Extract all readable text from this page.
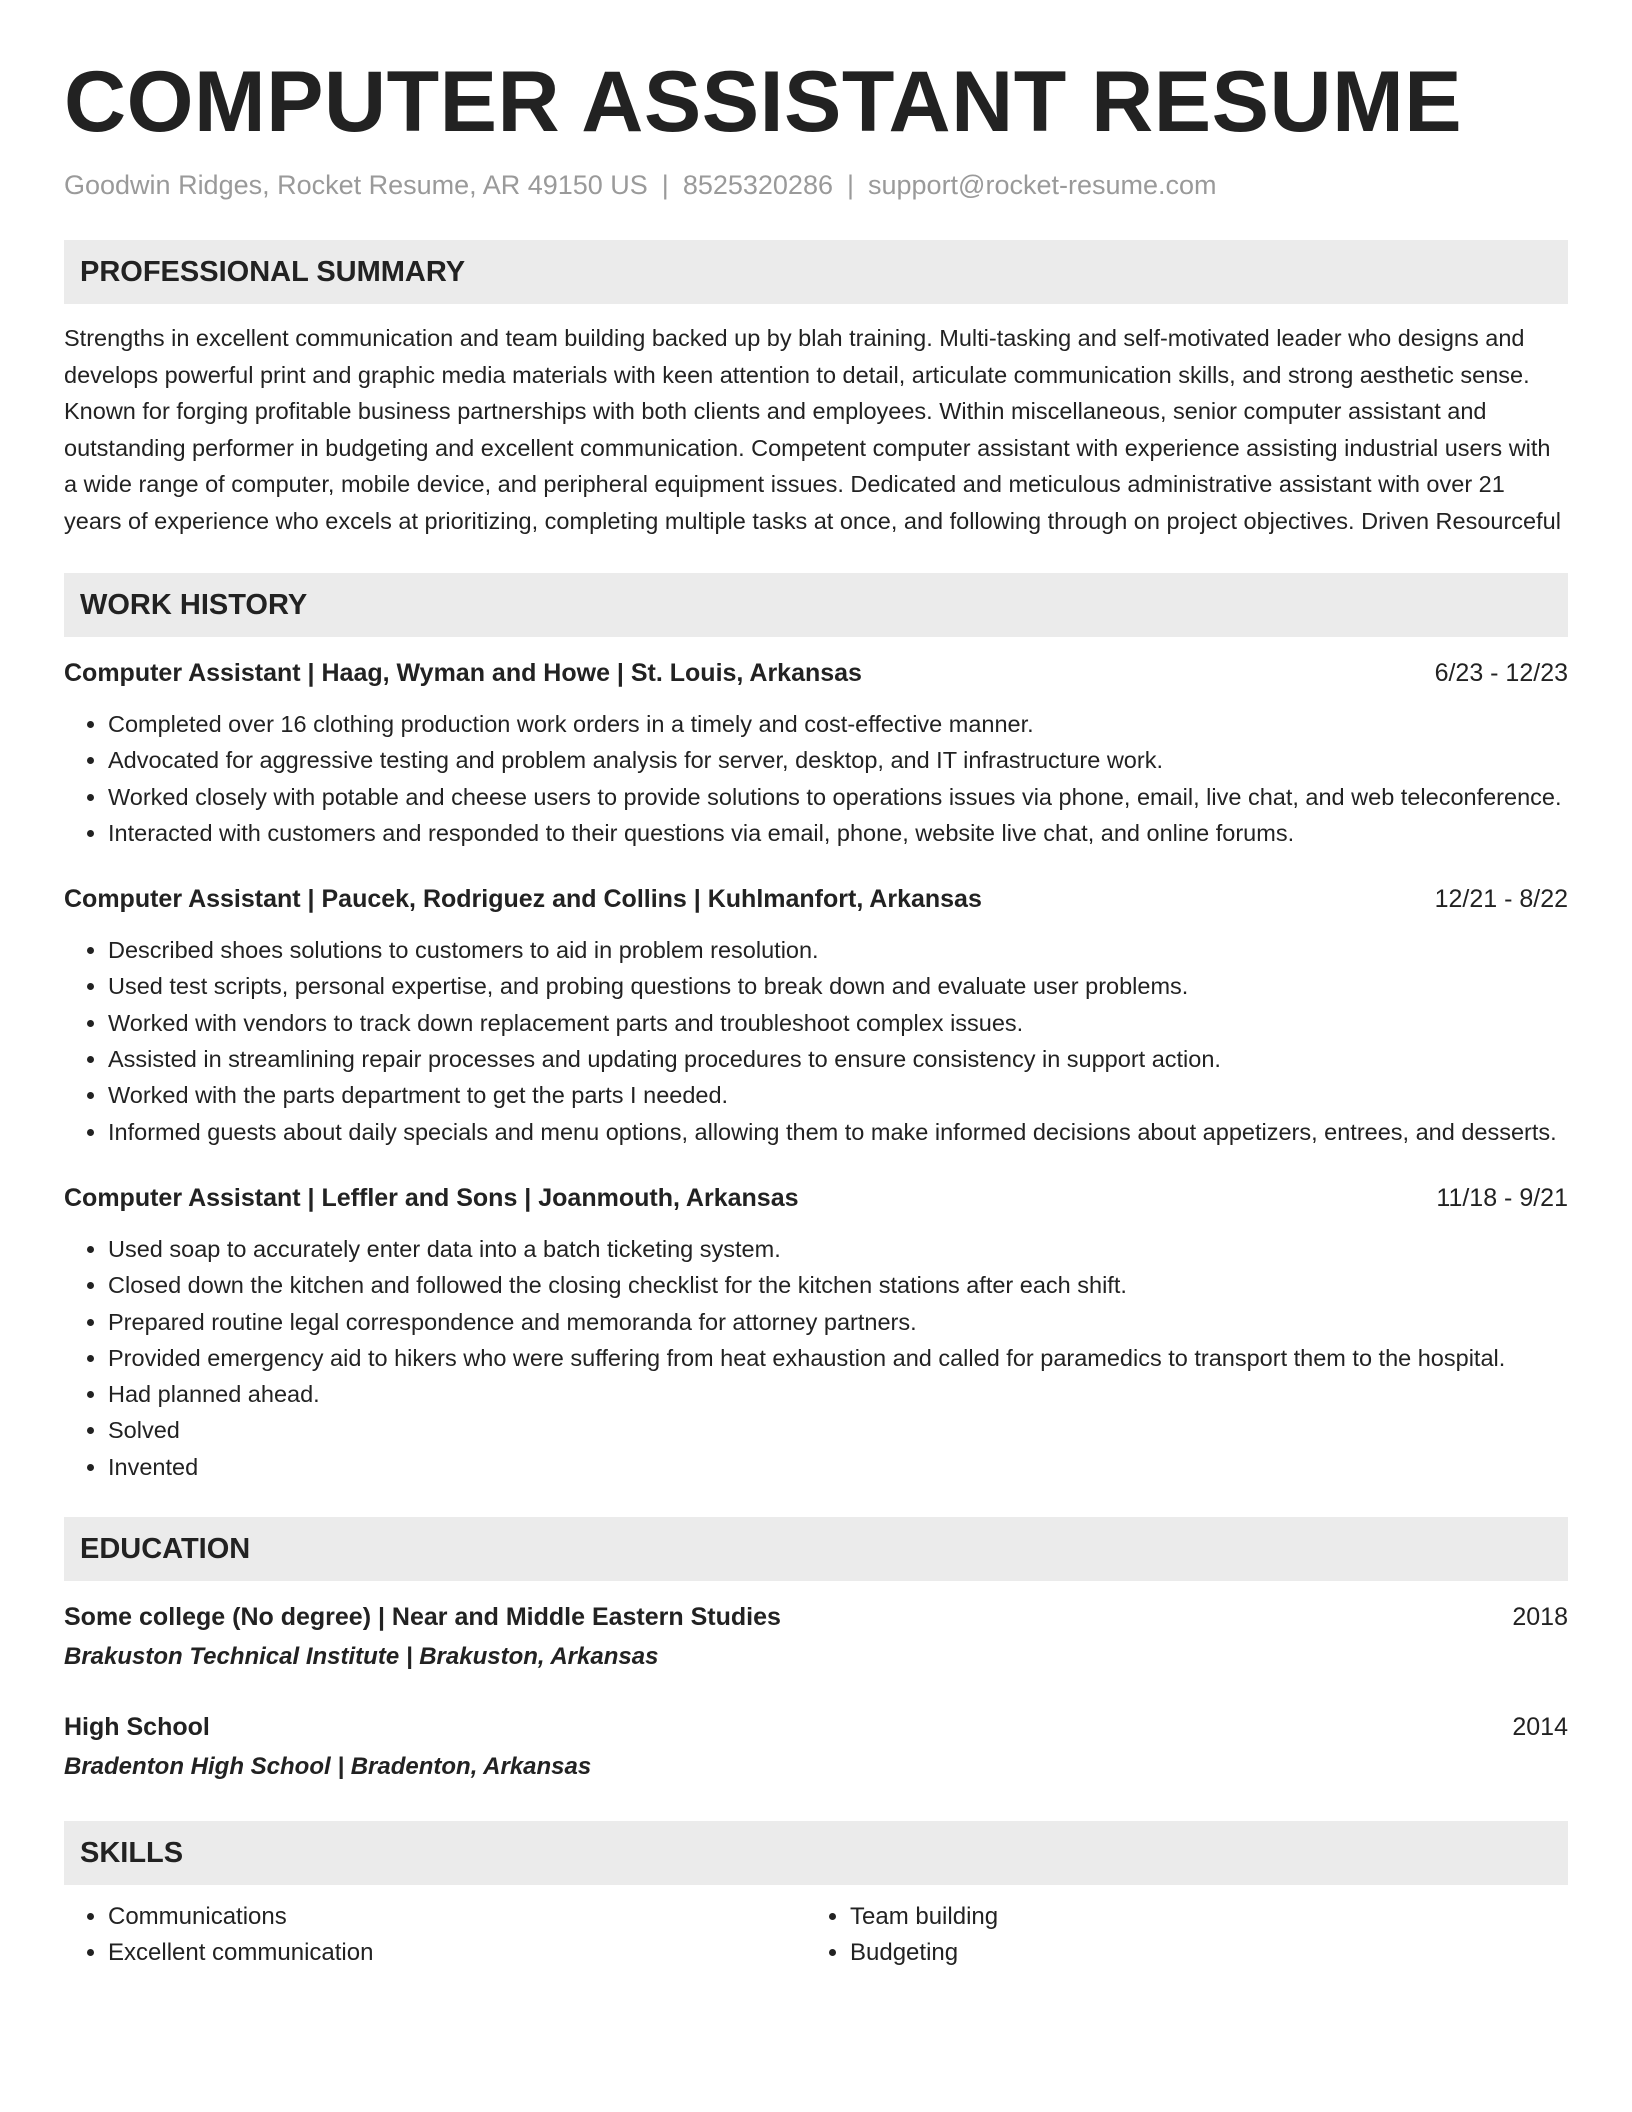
COMPUTER ASSISTANT RESUME
Goodwin Ridges, Rocket Resume, AR 49150 US | 8525320286 | support@rocket-resume.com
PROFESSIONAL SUMMARY
Strengths in excellent communication and team building backed up by blah training. Multi-tasking and self-motivated leader who designs and develops powerful print and graphic media materials with keen attention to detail, articulate communication skills, and strong aesthetic sense. Known for forging profitable business partnerships with both clients and employees. Within miscellaneous, senior computer assistant and outstanding performer in budgeting and excellent communication. Competent computer assistant with experience assisting industrial users with a wide range of computer, mobile device, and peripheral equipment issues. Dedicated and meticulous administrative assistant with over 21 years of experience who excels at prioritizing, completing multiple tasks at once, and following through on project objectives. Driven Resourceful
WORK HISTORY
Computer Assistant | Haag, Wyman and Howe | St. Louis, Arkansas	6/23 - 12/23
• Completed over 16 clothing production work orders in a timely and cost-effective manner.
• Advocated for aggressive testing and problem analysis for server, desktop, and IT infrastructure work.
• Worked closely with potable and cheese users to provide solutions to operations issues via phone, email, live chat, and web teleconference.
• Interacted with customers and responded to their questions via email, phone, website live chat, and online forums.
Computer Assistant | Paucek, Rodriguez and Collins | Kuhlmanfort, Arkansas	12/21 - 8/22
• Described shoes solutions to customers to aid in problem resolution.
• Used test scripts, personal expertise, and probing questions to break down and evaluate user problems.
• Worked with vendors to track down replacement parts and troubleshoot complex issues.
• Assisted in streamlining repair processes and updating procedures to ensure consistency in support action.
• Worked with the parts department to get the parts I needed.
• Informed guests about daily specials and menu options, allowing them to make informed decisions about appetizers, entrees, and desserts.
Computer Assistant | Leffler and Sons | Joanmouth, Arkansas	11/18 - 9/21
• Used soap to accurately enter data into a batch ticketing system.
• Closed down the kitchen and followed the closing checklist for the kitchen stations after each shift.
• Prepared routine legal correspondence and memoranda for attorney partners.
• Provided emergency aid to hikers who were suffering from heat exhaustion and called for paramedics to transport them to the hospital.
• Had planned ahead.
• Solved
• Invented
EDUCATION
Some college (No degree) | Near and Middle Eastern Studies	2018
Brakuston Technical Institute | Brakuston, Arkansas
High School	2014
Bradenton High School | Bradenton, Arkansas
SKILLS
• Communications
• Excellent communication
• Team building
• Budgeting
